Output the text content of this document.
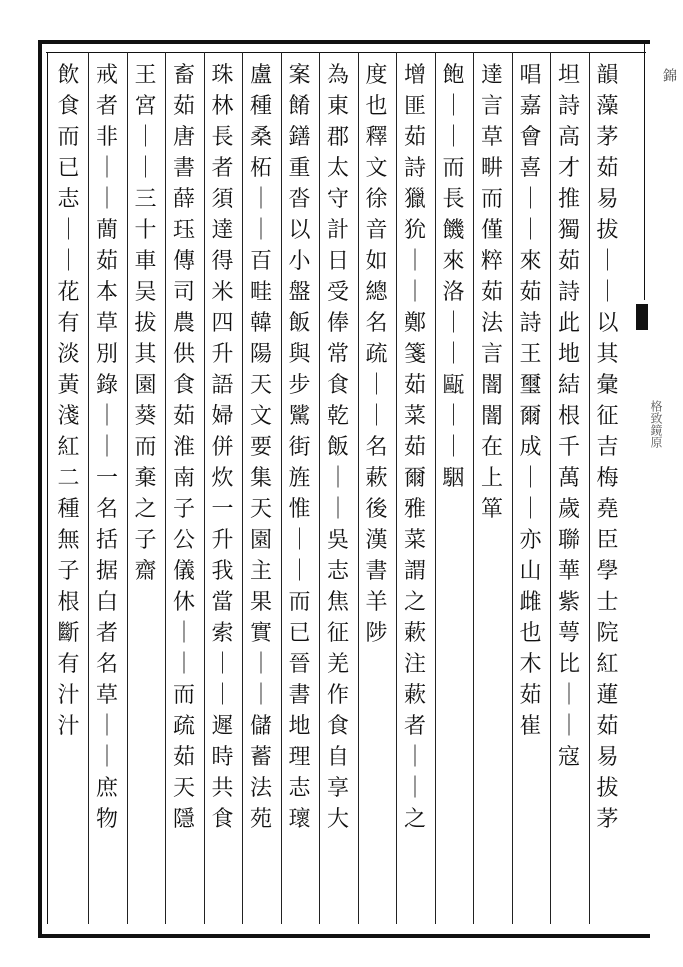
錦
格致鏡原
韻
藻
茅
茹
易
拔
｜
｜
以
其
彙
征
吉
梅
堯
臣
學
士
院
紅
蓮
茹
易
拔
茅
坦
詩
高
才
推
獨
茹
詩
此
地
結
根
千
萬
歲
聯
華
紫
萼
比
｜
｜
寇
唱
嘉
會
喜
｜
｜
來
茹
詩
王
璽
爾
成
｜
｜
亦
山
雌
也
木
茹
崔
達
言
草
畊
而
僅
粹
茹
法
言
闇
闇
在
上
箪
飽
｜
｜
而
長
饑
來
洛
｜
｜
甌
｜
｜
駰
增
匪
茹
詩
獵
狁
｜
｜
鄭
箋
茹
菜
茹
爾
雅
菜
謂
之
蔌
注
蔌
者
｜
｜
之
度
也
釋
文
徐
音
如
總
名
疏
｜
｜
名
蔌
後
漢
書
羊
陟
為
東
郡
太
守
計
日
受
俸
常
食
乾
飯
｜
｜
吳
志
焦
征
羌
作
食
自
享
大
案
餚
鐥
重
沓
以
小
盤
飯
與
步
騭
街
旌
惟
｜
｜
而
已
晉
書
地
理
志
瓌
盧
種
桑
柘
｜
｜
百
畦
韓
陽
天
文
要
集
天
園
主
果
實
｜
｜
儲
蓄
法
苑
珠
林
長
者
須
達
得
米
四
升
語
婦
併
炊
一
升
我
當
索
｜
｜
遲
時
共
食
畜
茹
唐
書
薛
珏
傳
司
農
供
食
茹
淮
南
子
公
儀
休
｜
｜
而
疏
茹
天
隱
王
宮
｜
｜
三
十
車
吴
拔
其
園
葵
而
棄
之
子
齋
戒
者
非
｜
｜
蕳
茹
本
草
別
錄
｜
｜
一
名
括
据
白
者
名
草
｜
｜
庶
物
飲
食
而
已
志
｜
｜
花
有
淡
黃
淺
紅
二
種
無
子
根
斷
有
汁
汁
